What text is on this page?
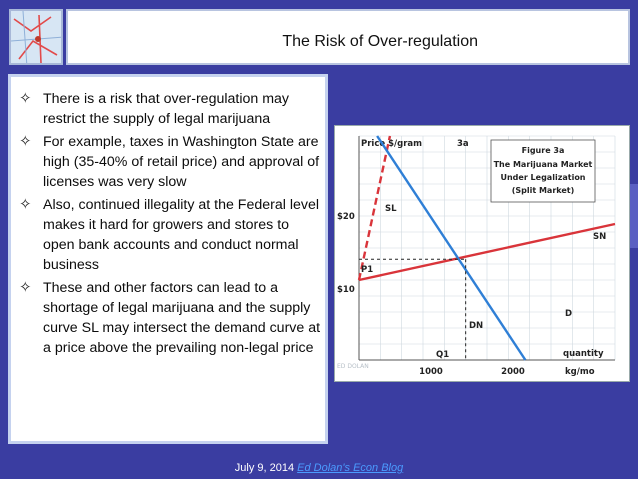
The Risk of Over-regulation
✧ There is a risk that over-regulation may restrict the supply of legal marijuana
✧ For example, taxes in Washington State are high (35-40% of retail price) and approval of licenses was very slow
✧ Also, continued illegality at the Federal level makes it hard for growers and stores to open bank accounts and conduct normal business
✧ These and other factors can lead to a shortage of legal marijuana and the supply curve SL may intersect the demand curve at a price above the prevailing non-legal price
Price $/gram	3a
Figure 3a
The Marijuana Market
Under Legalization
(Split Market)
$20
$10
1000	2000
quantity
kg/mo
SL
SN
DN
D
P1
Q1
ED DOLAN
July 9, 2014 Ed Dolan's Econ Blog
